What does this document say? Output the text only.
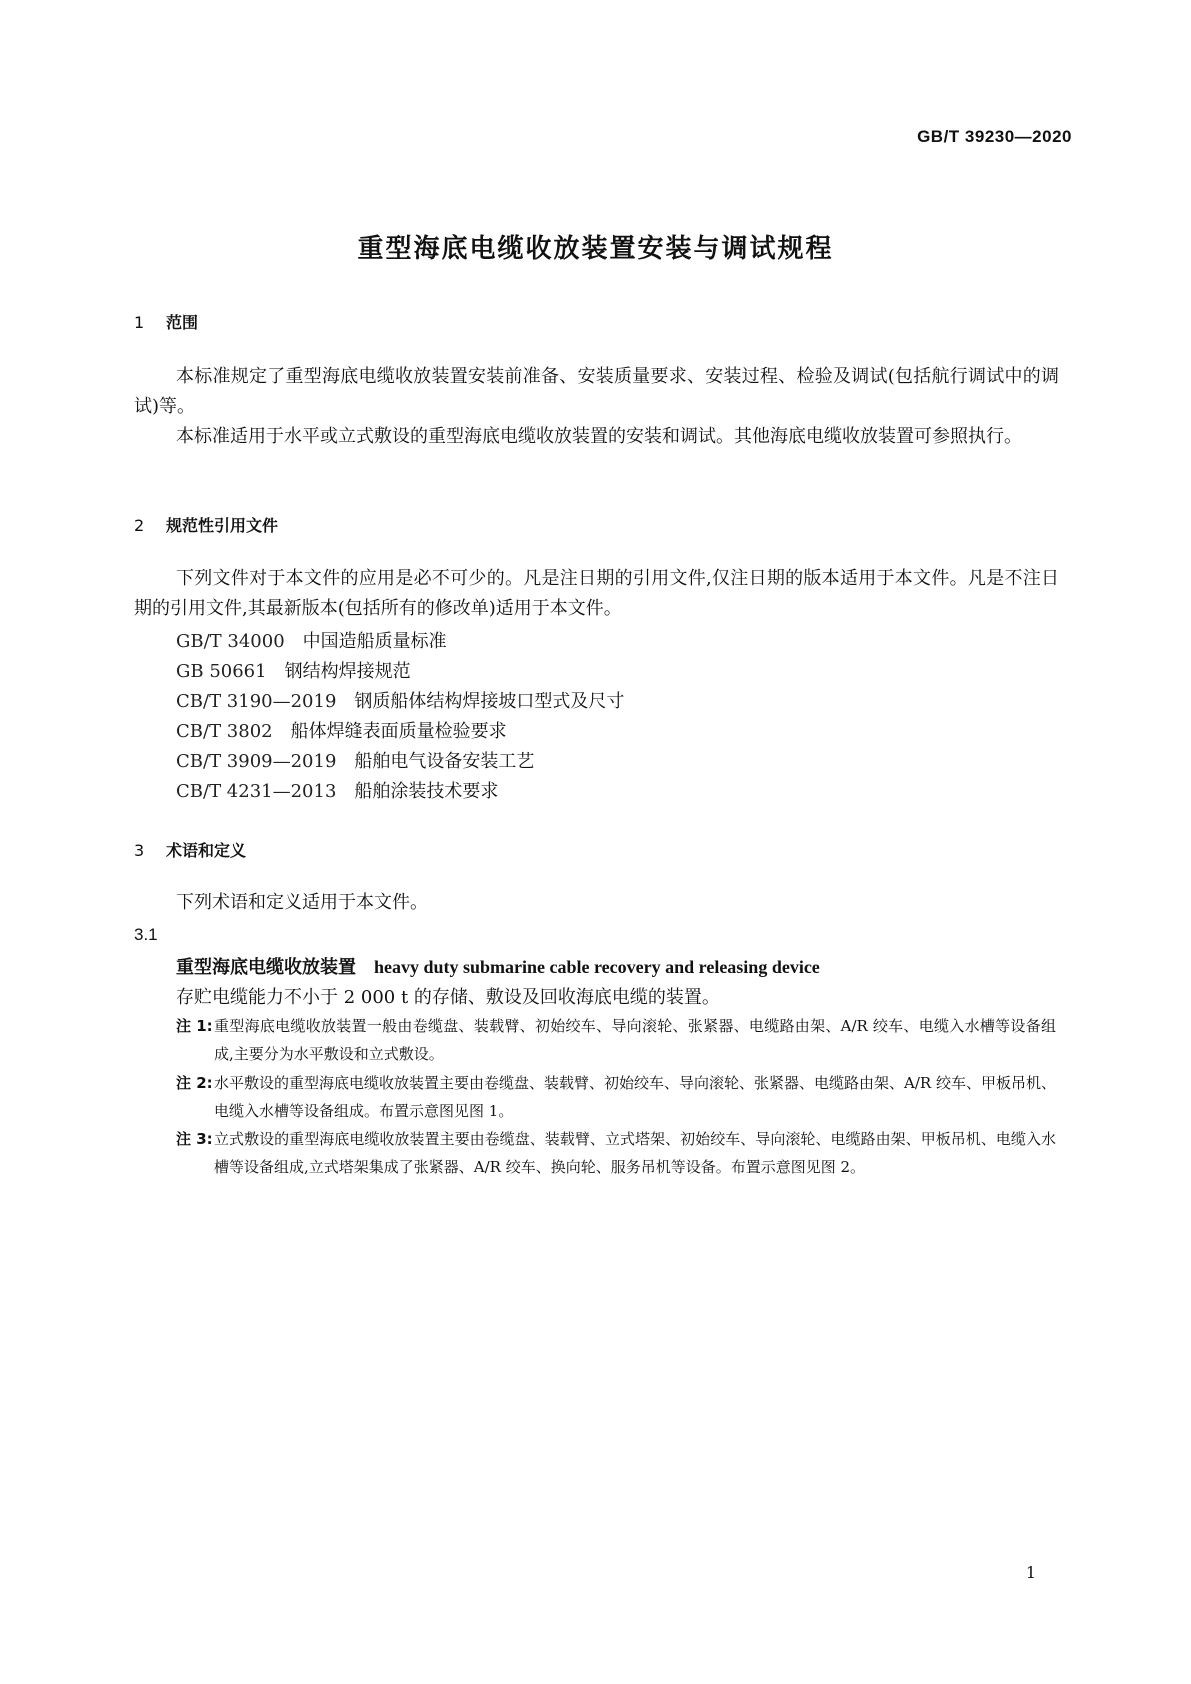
GB/T 39230—2020
重型海底电缆收放装置安装与调试规程
1 范围
本标准规定了重型海底电缆收放装置安装前准备、安装质量要求、安装过程、检验及调试(包括航行调试中的调试)等。
本标准适用于水平或立式敷设的重型海底电缆收放装置的安装和调试。其他海底电缆收放装置可参照执行。
2 规范性引用文件
下列文件对于本文件的应用是必不可少的。凡是注日期的引用文件,仅注日期的版本适用于本文件。凡是不注日期的引用文件,其最新版本(包括所有的修改单)适用于本文件。
GB/T 34000 中国造船质量标准
GB 50661 钢结构焊接规范
CB/T 3190—2019 钢质船体结构焊接坡口型式及尺寸
CB/T 3802 船体焊缝表面质量检验要求
CB/T 3909—2019 船舶电气设备安装工艺
CB/T 4231—2013 船舶涂装技术要求
3 术语和定义
下列术语和定义适用于本文件。
3.1
重型海底电缆收放装置 heavy duty submarine cable recovery and releasing device
存贮电缆能力不小于 2 000 t 的存储、敷设及回收海底电缆的装置。
注 1: 重型海底电缆收放装置一般由卷缆盘、装载臂、初始绞车、导向滚轮、张紧器、电缆路由架、A/R 绞车、电缆入水槽等设备组成,主要分为水平敷设和立式敷设。
注 2: 水平敷设的重型海底电缆收放装置主要由卷缆盘、装载臂、初始绞车、导向滚轮、张紧器、电缆路由架、A/R 绞车、甲板吊机、电缆入水槽等设备组成。布置示意图见图 1。
注 3: 立式敷设的重型海底电缆收放装置主要由卷缆盘、装载臂、立式塔架、初始绞车、导向滚轮、电缆路由架、甲板吊机、电缆入水槽等设备组成,立式塔架集成了张紧器、A/R 绞车、换向轮、服务吊机等设备。布置示意图见图 2。
1
